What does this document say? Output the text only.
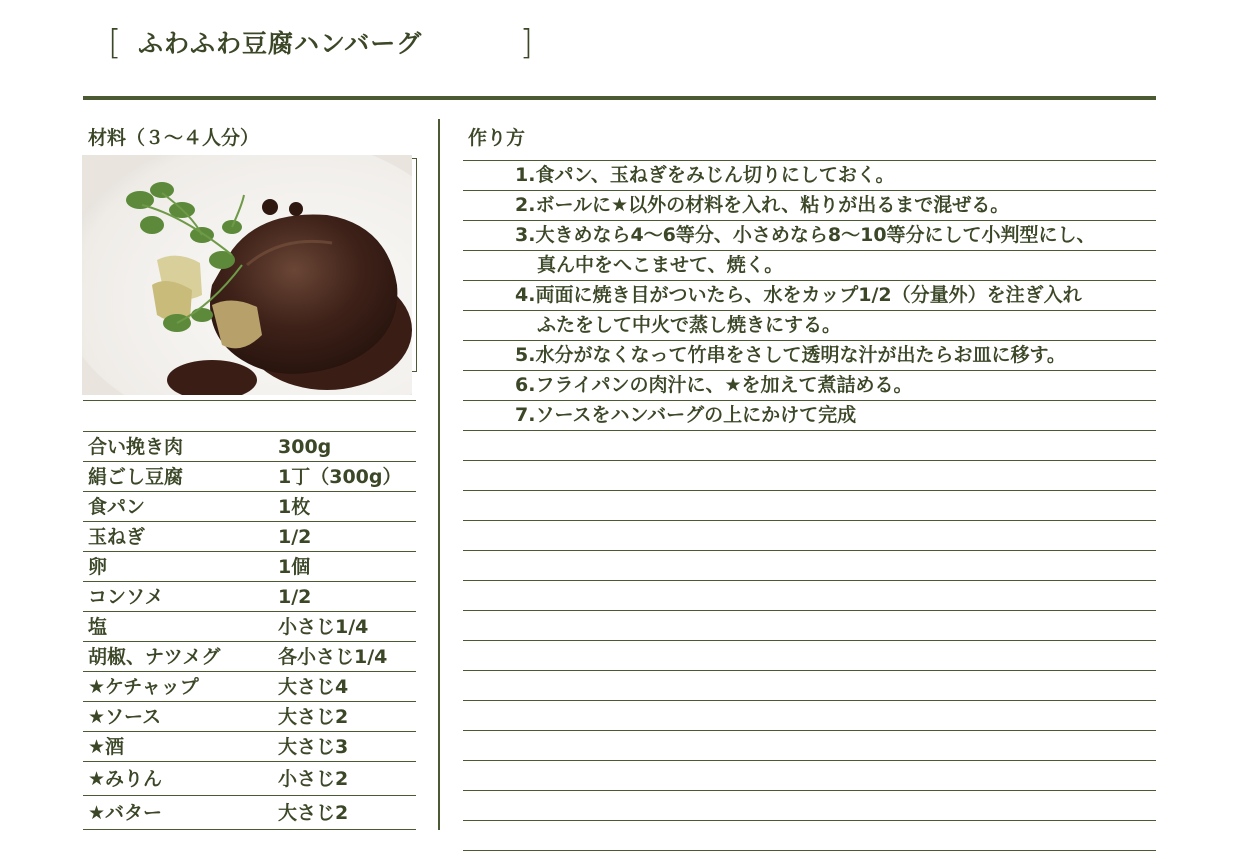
[ ふわふわ豆腐ハンバーグ	]
材料（３～４人分）	作り方
合い挽き肉	300g
絹ごし豆腐	1丁（300g）
食パン	1枚
玉ねぎ	1/2
卵	1個
コンソメ	1/2
塩	小さじ1/4
胡椒、ナツメグ	各小さじ1/4
★ケチャップ	大さじ4
★ソース	大さじ2
★酒	大さじ3
★みりん	小さじ2
★バター	大さじ2
1.食パン、玉ねぎをみじん切りにしておく。
2.ボールに★以外の材料を入れ、粘りが出るまで混ぜる。
3.大きめなら4～6等分、小さめなら8～10等分にして小判型にし、
真ん中をへこませて、焼く。
4.両面に焼き目がついたら、水をカップ1/2（分量外）を注ぎ入れ
ふたをして中火で蒸し焼きにする。
5.水分がなくなって竹串をさして透明な汁が出たらお皿に移す。
6.フライパンの肉汁に、★を加えて煮詰める。
7.ソースをハンバーグの上にかけて完成
